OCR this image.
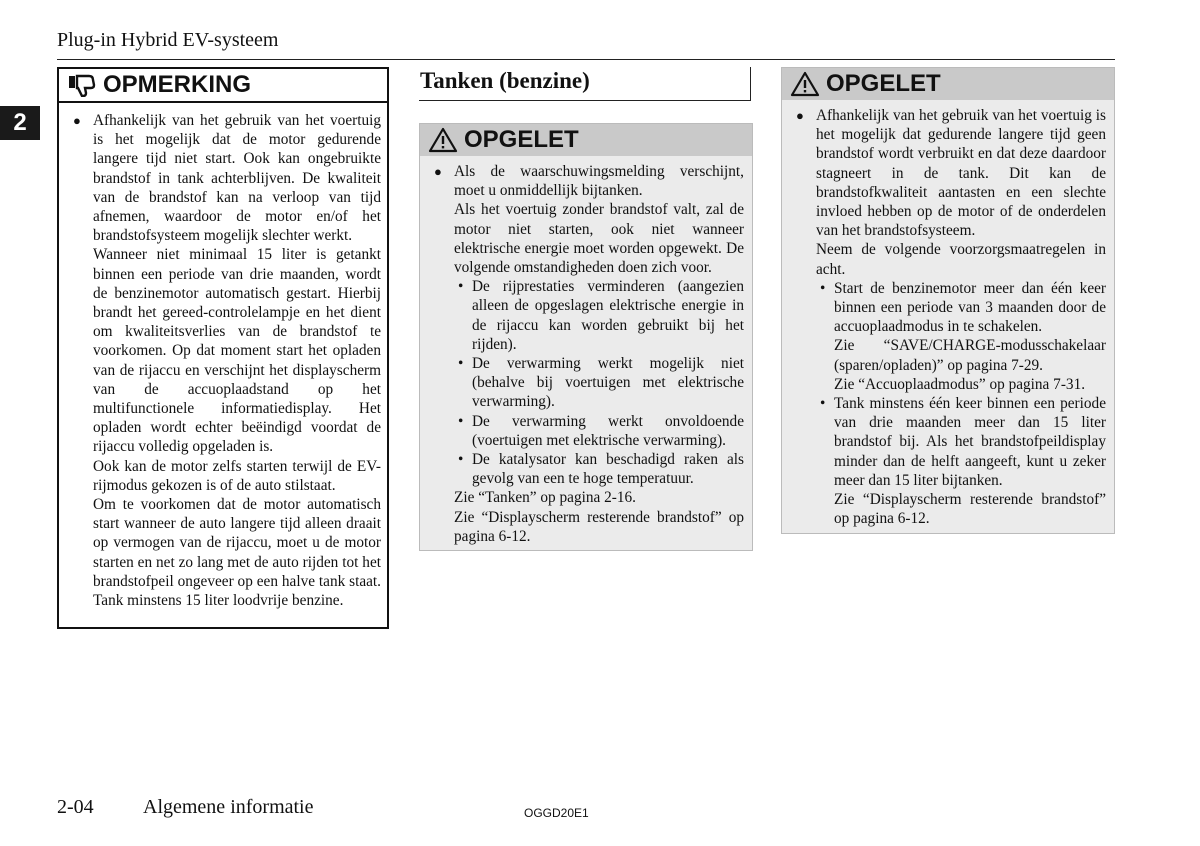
Plug-in Hybrid EV-systeem
2
OPMERKING

● Afhankelijk van het gebruik van het voertuig is het mogelijk dat de motor gedurende langere tijd niet start. Ook kan ongebruikte brandstof in tank achterblijven. De kwaliteit van de brandstof kan na verloop van tijd afnemen, waardoor de motor en/of het brandstofsysteem mogelijk slechter werkt.

Wanneer niet minimaal 15 liter is getankt binnen een periode van drie maanden, wordt de benzinemotor automatisch gestart. Hierbij brandt het gereed-controlelampje en het dient om kwaliteitsverlies van de brandstof te voorkomen. Op dat moment start het opladen van de rijaccu en verschijnt het displayscherm van de accuoplaadstand op het multifunctionele informatiedisplay. Het opladen wordt echter beëindigd voordat de rijaccu volledig opgeladen is.

Ook kan de motor zelfs starten terwijl de EV-rijmodus gekozen is of de auto stilstaat.

Om te voorkomen dat de motor automatisch start wanneer de auto langere tijd alleen draait op vermogen van de rijaccu, moet u de motor starten en net zo lang met de auto rijden tot het brandstofpeil ongeveer op een halve tank staat. Tank minstens 15 liter loodvrije benzine.

Tanken (benzine)
OPGELET

● Als de waarschuwingsmelding verschijnt, moet u onmiddellijk bijtanken.

Als het voertuig zonder brandstof valt, zal de motor niet starten, ook niet wanneer elektrische energie moet worden opgewekt. De volgende omstandigheden doen zich voor.

• De rijprestaties verminderen (aangezien alleen de opgeslagen elektrische energie in de rijaccu kan worden gebruikt bij het rijden).

• De verwarming werkt mogelijk niet (behalve bij voertuigen met elektrische verwarming).

• De verwarming werkt onvoldoende (voertuigen met elektrische verwarming).

• De katalysator kan beschadigd raken als gevolg van een te hoge temperatuur.

Zie “Tanken” op pagina 2-16.

Zie “Displayscherm resterende brandstof” op pagina 6-12.

OPGELET

● Afhankelijk van het gebruik van het voertuig is het mogelijk dat gedurende langere tijd geen brandstof wordt verbruikt en dat deze daardoor stagneert in de tank. Dit kan de brandstofkwaliteit aantasten en een slechte invloed hebben op de motor of de onderdelen van het brandstofsysteem.

Neem de volgende voorzorgsmaatregelen in acht.

• Start de benzinemotor meer dan één keer binnen een periode van 3 maanden door de accuoplaadmodus in te schakelen.

Zie “SAVE/CHARGE-modusschakelaar (sparen/opladen)” op pagina 7-29.

Zie “Accuoplaadmodus” op pagina 7-31.

• Tank minstens één keer binnen een periode van drie maanden meer dan 15 liter brandstof bij. Als het brandstofpeildisplay minder dan de helft aangeeft, kunt u zeker meer dan 15 liter bijtanken.

Zie “Displayscherm resterende brandstof” op pagina 6-12.

2-04 Algemene informatie	OGGD20E1
